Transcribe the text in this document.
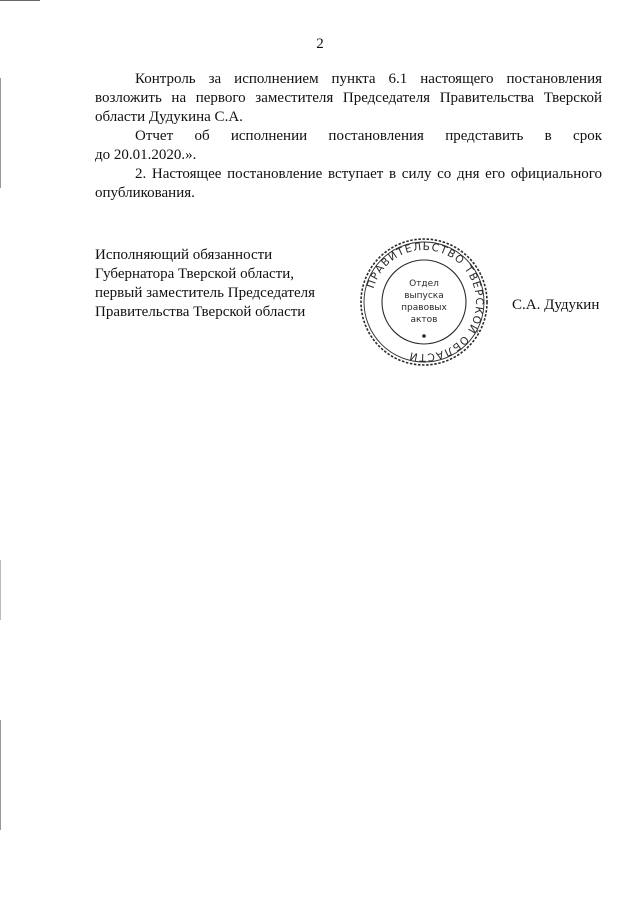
2

Контроль за исполнением пункта 6.1 настоящего постановления возложить на первого заместителя Председателя Правительства Тверской области Дудукина С.А.

Отчет об исполнении постановления представить в срок

до 20.01.2020.».

2. Настоящее постановление вступает в силу со дня его официального опубликования.

Исполняющий обязанности
Губернатора Тверской области,
первый заместитель Председателя
Правительства Тверской области
ПРАВИТЕЛЬСТВО ТВЕРСКОЙ ОБЛАСТИ
Отдел
выпуска
правовых
актов
С.А. Дудукин
